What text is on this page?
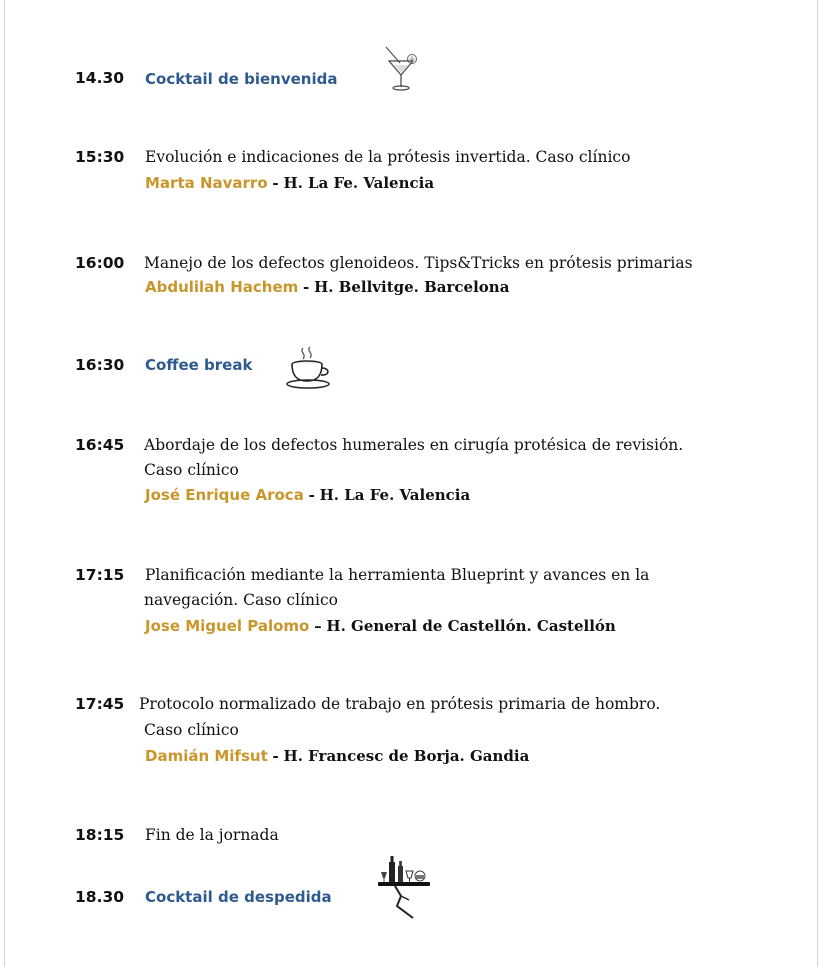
14.30 Cocktail de bienvenida
15:30 Evolución e indicaciones de la prótesis invertida. Caso clínico
Marta Navarro - H. La Fe. Valencia
16:00 Manejo de los defectos glenoideos. Tips&Tricks en prótesis primarias
Abdulilah Hachem - H. Bellvitge. Barcelona
16:30 Coffee break
16:45 Abordaje de los defectos humerales en cirugía protésica de revisión.
Caso clínico
José Enrique Aroca - H. La Fe. Valencia
17:15 Planificación mediante la herramienta Blueprint y avances en la
navegación. Caso clínico
Jose Miguel Palomo – H. General de Castellón. Castellón
17:45 Protocolo normalizado de trabajo en prótesis primaria de hombro.
Caso clínico
Damián Mifsut - H. Francesc de Borja. Gandia
18:15 Fin de la jornada
18.30 Cocktail de despedida
